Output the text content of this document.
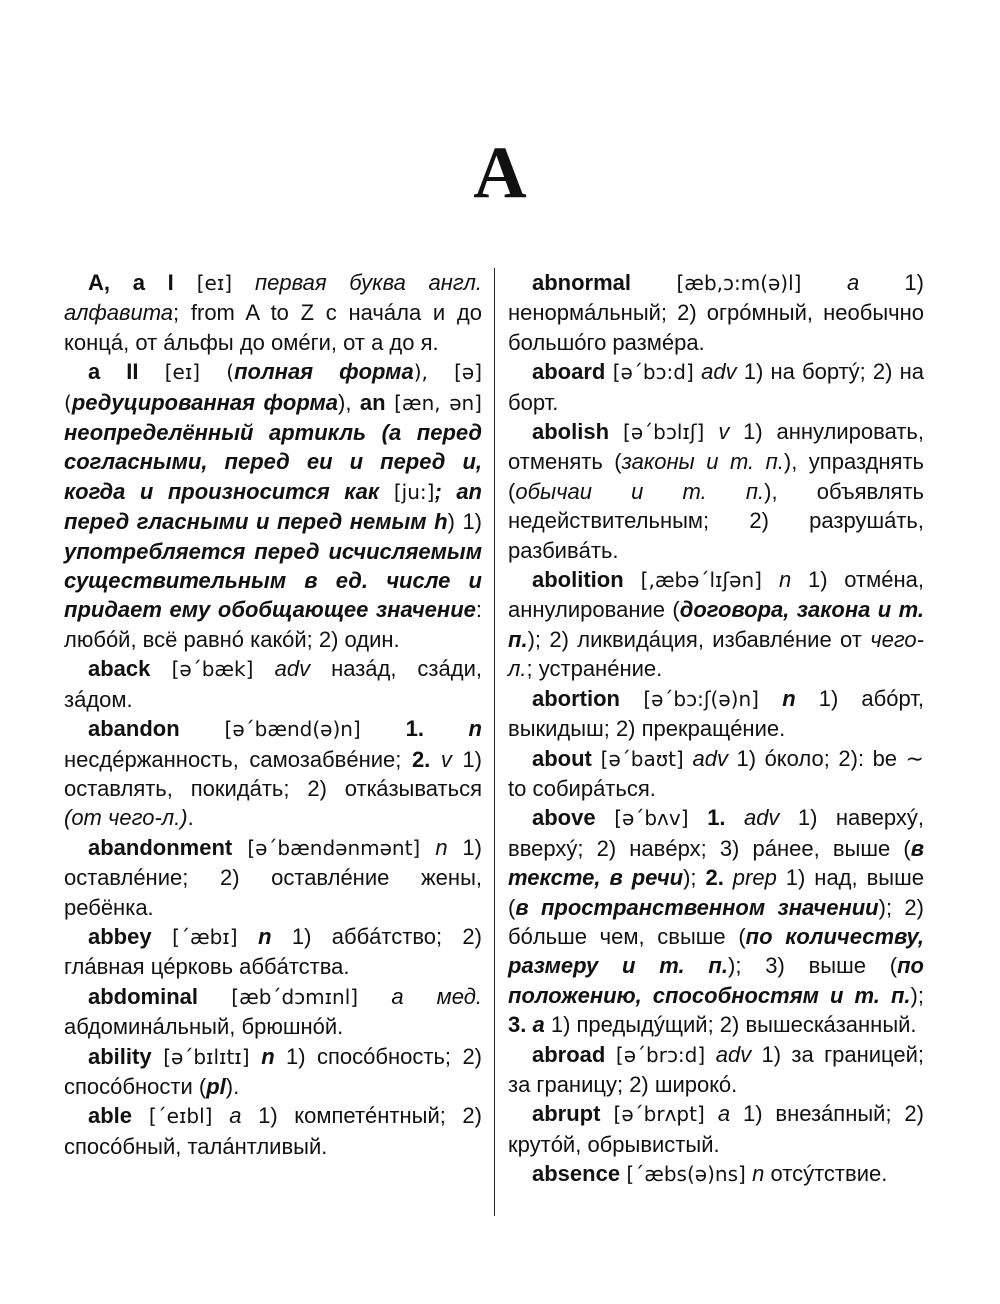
A

A, a I [eɪ] первая буква англ. алфавита; from A to Z с начáла и до концá, от áльфы до омéги, от а до я.

a II [eɪ] (полная форма), [ə] (редуцированная форма), an [æn, ən] неопределённый артикль (а перед согласными, перед eu и перед u, когда u произносится как [ju:]; an перед гласными и перед немым h) 1) употребляется перед исчисляемым существительным в ед. числе и придает ему обобщающее значение: любóй, всё равнó какóй; 2) один.

aback [ə´bæk] adv назáд, сзáди, зáдом.

abandon [ə´bænd(ə)n] 1. n несдéржанность, самозабвéние; 2. v 1) оставлять, покидáть; 2) откáзываться (от чего-л.).

abandonment [ə´bændənmənt] n 1) оставлéние; 2) оставлéние жены, ребёнка.

abbey [´æbɪ] n 1) аббáтство; 2) глáвная цéрковь аббáтства.

abdominal [æb´dɔmɪnl] a мед. абдоминáльный, брюшнóй.

ability [ə´bɪlɪtɪ] n 1) спосóбность; 2) спосóбности (pl).

able [´eɪbl] a 1) компетéнтный; 2) спосóбный, талáнтливый.

abnormal [æb,ɔ:m(ə)l] a 1) ненормáльный; 2) огрóмный, необычно большóго размéра.

aboard [ə´bɔ:d] adv 1) на бортý; 2) на борт.

abolish [ə´bɔlɪʃ] v 1) аннулировать, отменять (законы и т. п.), упразднять (обычаи и т. п.), объявлять недействительным; 2) разрушáть, разбивáть.

abolition [,æbə´lɪʃən] n 1) отмéна, аннулирование (договора, закона и т. п.); 2) ликвидáция, избавлéние от чего-л.; устранéние.

abortion [ə´bɔ:ʃ(ə)n] n 1) абóрт, выкидыш; 2) прекращéние.

about [ə´baʊt] adv 1) óколо; 2): be ∼ to собирáться.

above [ə´bʌv] 1. adv 1) наверхý, вверхý; 2) навéрх; 3) рáнее, выше (в тексте, в речи); 2. prep 1) над, выше (в пространственном значении); 2) бóльше чем, свыше (по количеству, размеру и т. п.); 3) выше (по положению, способностям и т. п.); 3. a 1) предыдýщий; 2) вышескáзанный.

abroad [ə´brɔ:d] adv 1) за границей; за границу; 2) широкó.

abrupt [ə´brʌpt] a 1) внезáпный; 2) крутóй, обрывистый.

absence [´æbs(ə)ns] n отсýтствие.
